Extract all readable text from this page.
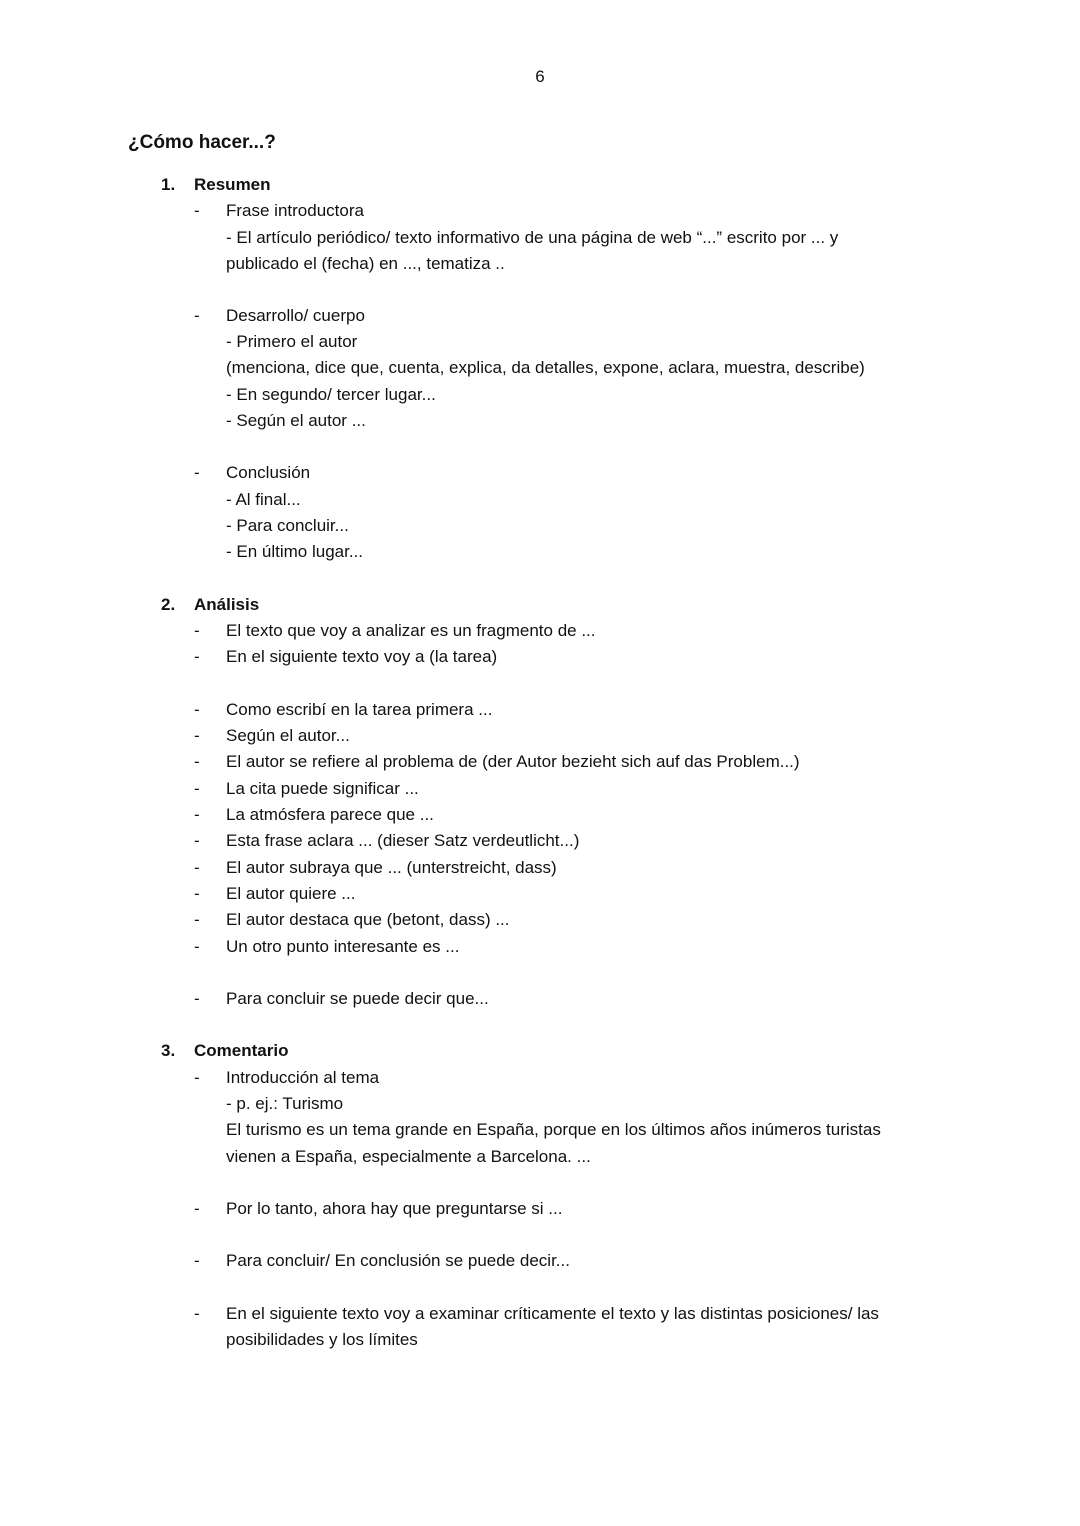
6
¿Cómo hacer...?
1. Resumen
- Frase introductora
- El artículo periódico/ texto informativo de una página de web “...” escrito por ... y
publicado el (fecha) en ..., tematiza ..
- Desarrollo/ cuerpo
- Primero el autor
(menciona, dice que, cuenta, explica, da detalles, expone, aclara, muestra, describe)
- En segundo/ tercer lugar...
- Según el autor ...
- Conclusión
- Al final...
- Para concluir...
- En último lugar...
2. Análisis
- El texto que voy a analizar es un fragmento de ...
- En el siguiente texto voy a (la tarea)
- Como escribí en la tarea primera ...
- Según el autor...
- El autor se refiere al problema de (der Autor bezieht sich auf das Problem...)
- La cita puede significar ...
- La atmósfera parece que ...
- Esta frase aclara ... (dieser Satz verdeutlicht...)
- El autor subraya que ... (unterstreicht, dass)
- El autor quiere ...
- El autor destaca que (betont, dass) ...
- Un otro punto interesante es ...
- Para concluir se puede decir que...
3. Comentario
- Introducción al tema
- p. ej.: Turismo
El turismo es un tema grande en España, porque en los últimos años inúmeros turistas
vienen a España, especialmente a Barcelona. ...
- Por lo tanto, ahora hay que preguntarse si ...
- Para concluir/ En conclusión se puede decir...
- En el siguiente texto voy a examinar críticamente el texto y las distintas posiciones/ las
posibilidades y los límites
